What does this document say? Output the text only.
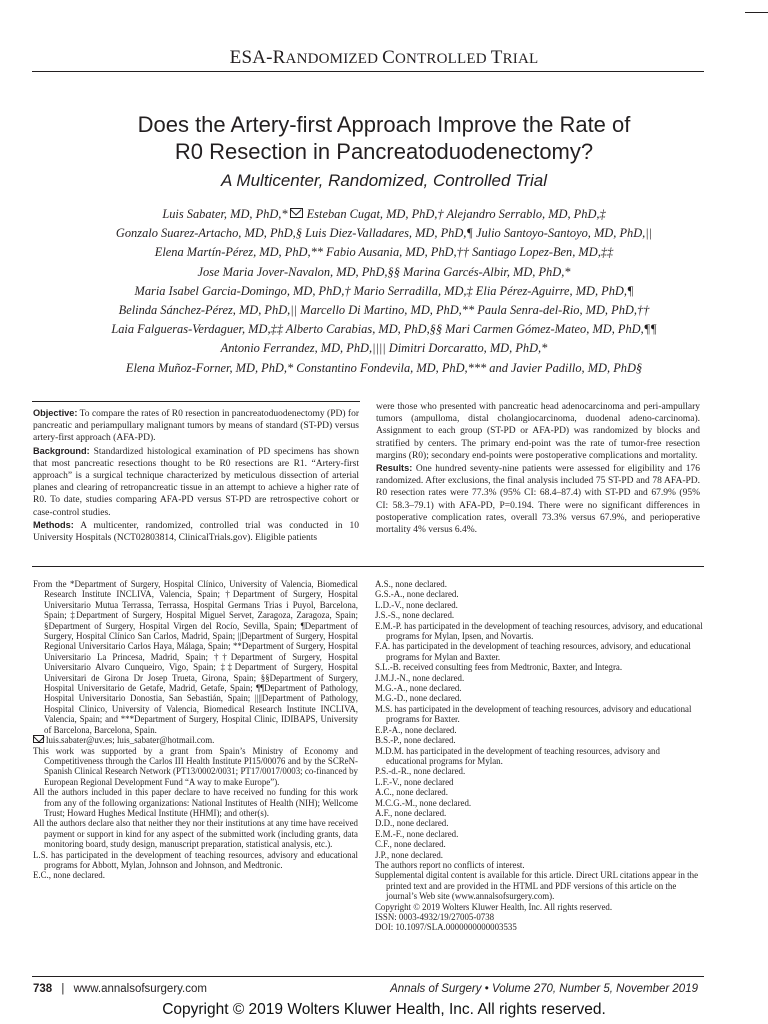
ESA-RANDOMIZED CONTROLLED TRIAL
Does the Artery-first Approach Improve the Rate of
R0 Resection in Pancreatoduodenectomy?
A Multicenter, Randomized, Controlled Trial
Luis Sabater, MD, PhD,* Esteban Cugat, MD, PhD,† Alejandro Serrablo, MD, PhD,‡
Gonzalo Suarez-Artacho, MD, PhD,§ Luis Diez-Valladares, MD, PhD,¶ Julio Santoyo-Santoyo, MD, PhD,||
Elena Martín-Pérez, MD, PhD,** Fabio Ausania, MD, PhD,†† Santiago Lopez-Ben, MD,‡‡
Jose Maria Jover-Navalon, MD, PhD,§§ Marina Garcés-Albir, MD, PhD,*
Maria Isabel Garcia-Domingo, MD, PhD,† Mario Serradilla, MD,‡ Elia Pérez-Aguirre, MD, PhD,¶
Belinda Sánchez-Pérez, MD, PhD,|| Marcello Di Martino, MD, PhD,** Paula Senra-del-Rio, MD, PhD,††
Laia Falgueras-Verdaguer, MD,‡‡ Alberto Carabias, MD, PhD,§§ Mari Carmen Gómez-Mateo, MD, PhD,¶¶
Antonio Ferrandez, MD, PhD,|||| Dimitri Dorcaratto, MD, PhD,*
Elena Muñoz-Forner, MD, PhD,* Constantino Fondevila, MD, PhD,*** and Javier Padillo, MD, PhD§

Objective: To compare the rates of R0 resection in pancreatoduodenectomy (PD) for pancreatic and periampullary malignant tumors by means of standard (ST-PD) versus artery-first approach (AFA-PD).

Background: Standardized histological examination of PD specimens has shown that most pancreatic resections thought to be R0 resections are R1. “Artery-first approach” is a surgical technique characterized by meticulous dissection of arterial planes and clearing of retropancreatic tissue in an attempt to achieve a higher rate of R0. To date, studies comparing AFA-PD versus ST-PD are retrospective cohort or case-control studies.

Methods: A multicenter, randomized, controlled trial was conducted in 10 University Hospitals (NCT02803814, ClinicalTrials.gov). Eligible patients

were those who presented with pancreatic head adenocarcinoma and peri-ampullary tumors (ampulloma, distal cholangiocarcinoma, duodenal adeno-carcinoma). Assignment to each group (ST-PD or AFA-PD) was randomized by blocks and stratified by centers. The primary end-point was the rate of tumor-free resection margins (R0); secondary end-points were postoperative complications and mortality.

Results: One hundred seventy-nine patients were assessed for eligibility and 176 randomized. After exclusions, the final analysis included 75 ST-PD and 78 AFA-PD. R0 resection rates were 77.3% (95% CI: 68.4–87.4) with ST-PD and 67.9% (95% CI: 58.3–79.1) with AFA-PD, P=0.194. There were no significant differences in postoperative complication rates, overall 73.3% versus 67.9%, and perioperative mortality 4% versus 6.4%.

From the *Department of Surgery, Hospital Clínico, University of Valencia, Biomedical Research Institute INCLIVA, Valencia, Spain; †Department of Surgery, Hospital Universitario Mutua Terrassa, Terrassa, Hospital Germans Trias i Puyol, Barcelona, Spain; ‡Department of Surgery, Hospital Miguel Servet, Zaragoza, Zaragoza, Spain; §Department of Surgery, Hospital Virgen del Rocío, Sevilla, Spain; ¶Department of Surgery, Hospital Clínico San Carlos, Madrid, Spain; ||Department of Surgery, Hospital Regional Universitario Carlos Haya, Málaga, Spain; **Department of Surgery, Hospital Universitario La Princesa, Madrid, Spain; ††Department of Surgery, Hospital Universitario Alvaro Cunqueiro, Vigo, Spain; ‡‡Department of Surgery, Hospital Universitari de Girona Dr Josep Trueta, Girona, Spain; §§Department of Surgery, Hospital Universitario de Getafe, Madrid, Getafe, Spain; ¶¶Department of Pathology, Hospital Universitario Donostia, San Sebastián, Spain; ||||Department of Pathology, Hospital Clinico, University of Valencia, Biomedical Research Institute INCLIVA, Valencia, Spain; and ***Department of Surgery, Hospital Clinic, IDIBAPS, University of Barcelona, Barcelona, Spain.

luis.sabater@uv.es; luis_sabater@hotmail.com.

This work was supported by a grant from Spain’s Ministry of Economy and Competitiveness through the Carlos III Health Institute PI15/00076 and by the SCReN-Spanish Clinical Research Network (PT13/0002/0031; PT17/0017/0003; co-financed by European Regional Development Fund “A way to make Europe”).

All the authors included in this paper declare to have received no funding for this work from any of the following organizations: National Institutes of Health (NIH); Wellcome Trust; Howard Hughes Medical Institute (HHMI); and other(s).

All the authors declare also that neither they nor their institutions at any time have received payment or support in kind for any aspect of the submitted work (including grants, data monitoring board, study design, manuscript preparation, statistical analysis, etc.).

L.S. has participated in the development of teaching resources, advisory and educational programs for Abbott, Mylan, Johnson and Johnson, and Medtronic.

E.C., none declared.

A.S., none declared.

G.S.-A., none declared.

L.D.-V., none declared.

J.S.-S., none declared.

E.M.-P. has participated in the development of teaching resources, advisory, and educational programs for Mylan, Ipsen, and Novartis.

F.A. has participated in the development of teaching resources, advisory, and educational programs for Mylan and Baxter.

S.L.-B. received consulting fees from Medtronic, Baxter, and Integra.

J.M.J.-N., none declared.

M.G.-A., none declared.

M.G.-D., none declared.

M.S. has participated in the development of teaching resources, advisory and educational programs for Baxter.

E.P.-A., none declared.

B.S.-P., none declared.

M.D.M. has participated in the development of teaching resources, advisory and educational programs for Mylan.

P.S.-d.-R., none declared.

L.F.-V., none declared

A.C., none declared.

M.C.G.-M., none declared.

A.F., none declared.

D.D., none declared.

E.M.-F., none declared.

C.F., none declared.

J.P., none declared.

The authors report no conflicts of interest.

Supplemental digital content is available for this article. Direct URL citations appear in the printed text and are provided in the HTML and PDF versions of this article on the journal’s Web site (www.annalsofsurgery.com).

Copyright © 2019 Wolters Kluwer Health, Inc. All rights reserved.

ISSN: 0003-4932/19/27005-0738

DOI: 10.1097/SLA.0000000000003535

738 | www.annalsofsurgery.com	Annals of Surgery • Volume 270, Number 5, November 2019
Copyright © 2019 Wolters Kluwer Health, Inc. All rights reserved.
